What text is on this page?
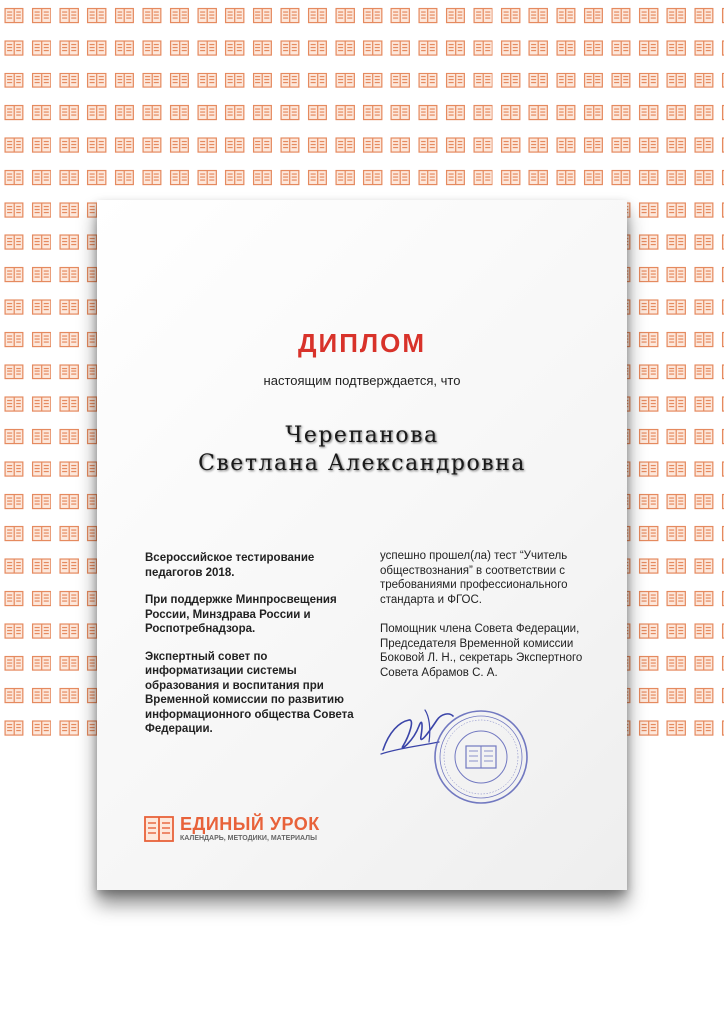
ДИПЛОМ
настоящим подтверждается, что
Черепанова
Светлана Александровна

Всероссийское тестирование педагогов 2018.

При поддержке Минпросвещения России, Минздрава России и Роспотребнадзора.

Экспертный совет по информатизации системы образования и воспитания при Временной комиссии по развитию информационного общества Совета Федерации.

успешно прошел(ла) тест “Учитель обществознания” в соответствии с требованиями профессионального стандарта и ФГОС.

Помощник члена Совета Федерации, Председателя Временной комиссии Боковой Л. Н., секретарь Экспертного Совета Абрамов С. А.

ЕДИНЫЙ УРОК
КАЛЕНДАРЬ, МЕТОДИКИ, МАТЕРИАЛЫ
